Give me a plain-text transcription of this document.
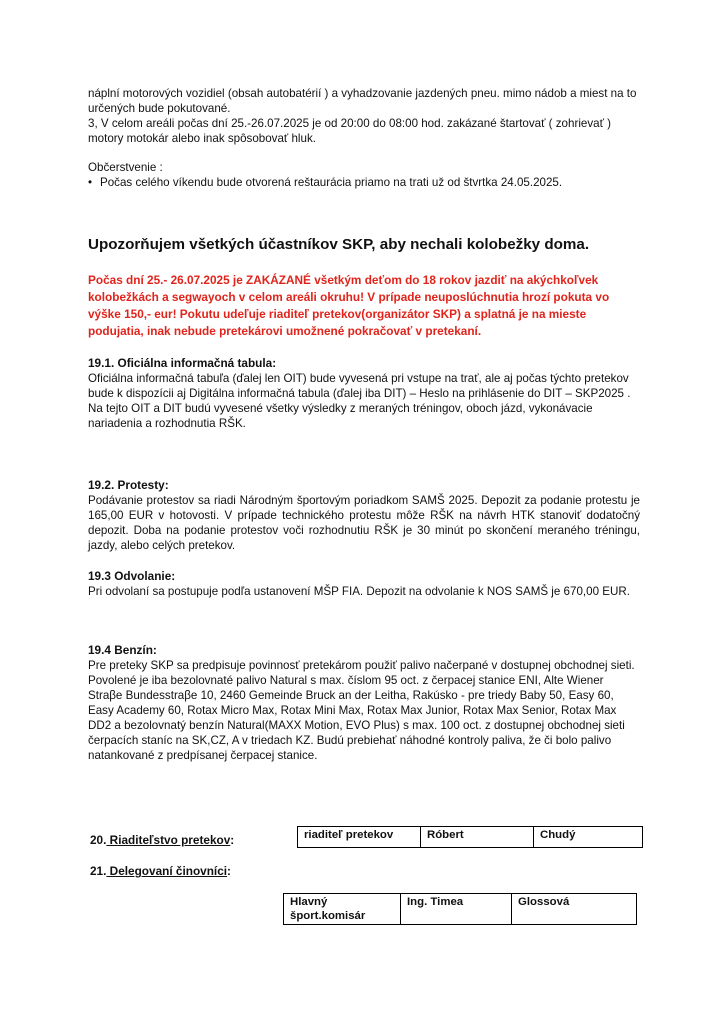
náplní motorových vozidiel (obsah autobatérií ) a vyhadzovanie jazdených pneu. mimo nádob a miest na to určených bude pokutované.

3, V celom areáli počas dní 25.-26.07.2025 je od 20:00 do 08:00 hod. zakázané štartovať ( zohrievať ) motory motokár alebo inak spôsobovať hluk.

Občerstvenie :

• Počas celého víkendu bude otvorená reštaurácia priamo na trati už od štvrtka 24.05.2025.
Upozorňujem všetkých účastníkov SKP, aby nechali kolobežky doma.
Počas dní 25.- 26.07.2025 je ZAKÁZANÉ všetkým deťom do 18 rokov jazdiť na akýchkoľvek kolobežkách a segwayoch v celom areáli okruhu! V prípade neuposlúchnutia hrozí pokuta vo výške 150,- eur! Pokutu udeľuje riaditeľ pretekov(organizátor SKP) a splatná je na mieste podujatia, inak nebude pretekárovi umožnené pokračovať v pretekaní.
19.1. Oficiálna informačná tabula:

Oficiálna informačná tabuľa (ďalej len OIT) bude vyvesená pri vstupe na trať, ale aj počas týchto pretekov bude k dispozícii aj Digitálna informačná tabula (ďalej iba DIT) – Heslo na prihlásenie do DIT – SKP2025 . Na tejto OIT a DIT budú vyvesené všetky výsledky z meraných tréningov, oboch jázd, vykonávacie nariadenia a rozhodnutia RŠK.

19.2. Protesty:

Podávanie protestov sa riadi Národným športovým poriadkom SAMŠ 2025. Depozit za podanie protestu je 165,00 EUR v hotovosti. V prípade technického protestu môže RŠK na návrh HTK stanoviť dodatočný depozit. Doba na podanie protestov voči rozhodnutiu RŠK je 30 minút po skončení meraného tréningu, jazdy, alebo celých pretekov.

19.3 Odvolanie:

Pri odvolaní sa postupuje podľa ustanovení MŠP FIA. Depozit na odvolanie k NOS SAMŠ je 670,00 EUR.

19.4 Benzín:

Pre preteky SKP sa predpisuje povinnosť pretekárom použiť palivo načerpané v dostupnej obchodnej sieti. Povolené je iba bezolovnaté palivo Natural s max. číslom 95 oct. z čerpacej stanice ENI, Alte Wiener Straβe Bundesstraβe 10, 2460 Gemeinde Bruck an der Leitha, Rakúsko - pre triedy Baby 50, Easy 60, Easy Academy 60, Rotax Micro Max, Rotax Mini Max, Rotax Max Junior, Rotax Max Senior, Rotax Max DD2 a bezolovnatý benzín Natural(MAXX Motion, EVO Plus) s max. 100 oct. z dostupnej obchodnej sieti čerpacích staníc na SK,CZ, A v triedach KZ. Budú prebiehať náhodné kontroly paliva, že či bolo palivo natankované z predpísanej čerpacej stanice.

20. Riaditeľstvo pretekov:	riaditeľ pretekov	Róbert	Chudý
21. Delegovaní činovníci:
Hlavný šport.komisár	Ing. Timea	Glossová
